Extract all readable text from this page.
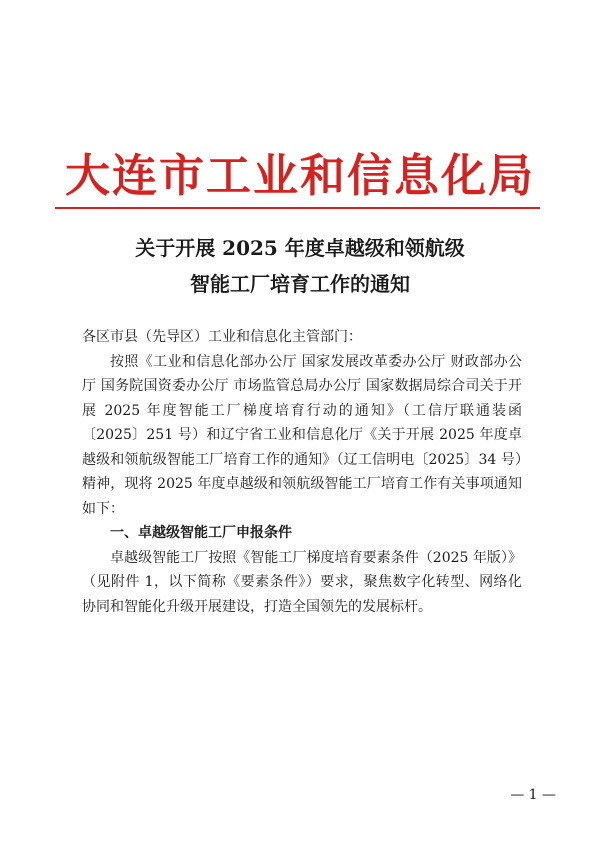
大连市工业和信息化局
关于开展 2025 年度卓越级和领航级
智能工厂培育工作的通知

各区市县（先导区）工业和信息化主管部门：

按照《工业和信息化部办公厅 国家发展改革委办公厅 财政部办公厅 国务院国资委办公厅 市场监管总局办公厅 国家数据局综合司关于开展 2025 年度智能工厂梯度培育行动的通知》（工信厅联通装函〔2025〕251 号）和辽宁省工业和信息化厅《关于开展 2025 年度卓越级和领航级智能工厂培育工作的通知》（辽工信明电〔2025〕34 号）精神，现将 2025 年度卓越级和领航级智能工厂培育工作有关事项通知如下：

一、卓越级智能工厂申报条件

卓越级智能工厂按照《智能工厂梯度培育要素条件（2025 年版）》（见附件 1，以下简称《要素条件》）要求，聚焦数字化转型、网络化协同和智能化升级开展建设，打造全国领先的发展标杆。

— 1 —
